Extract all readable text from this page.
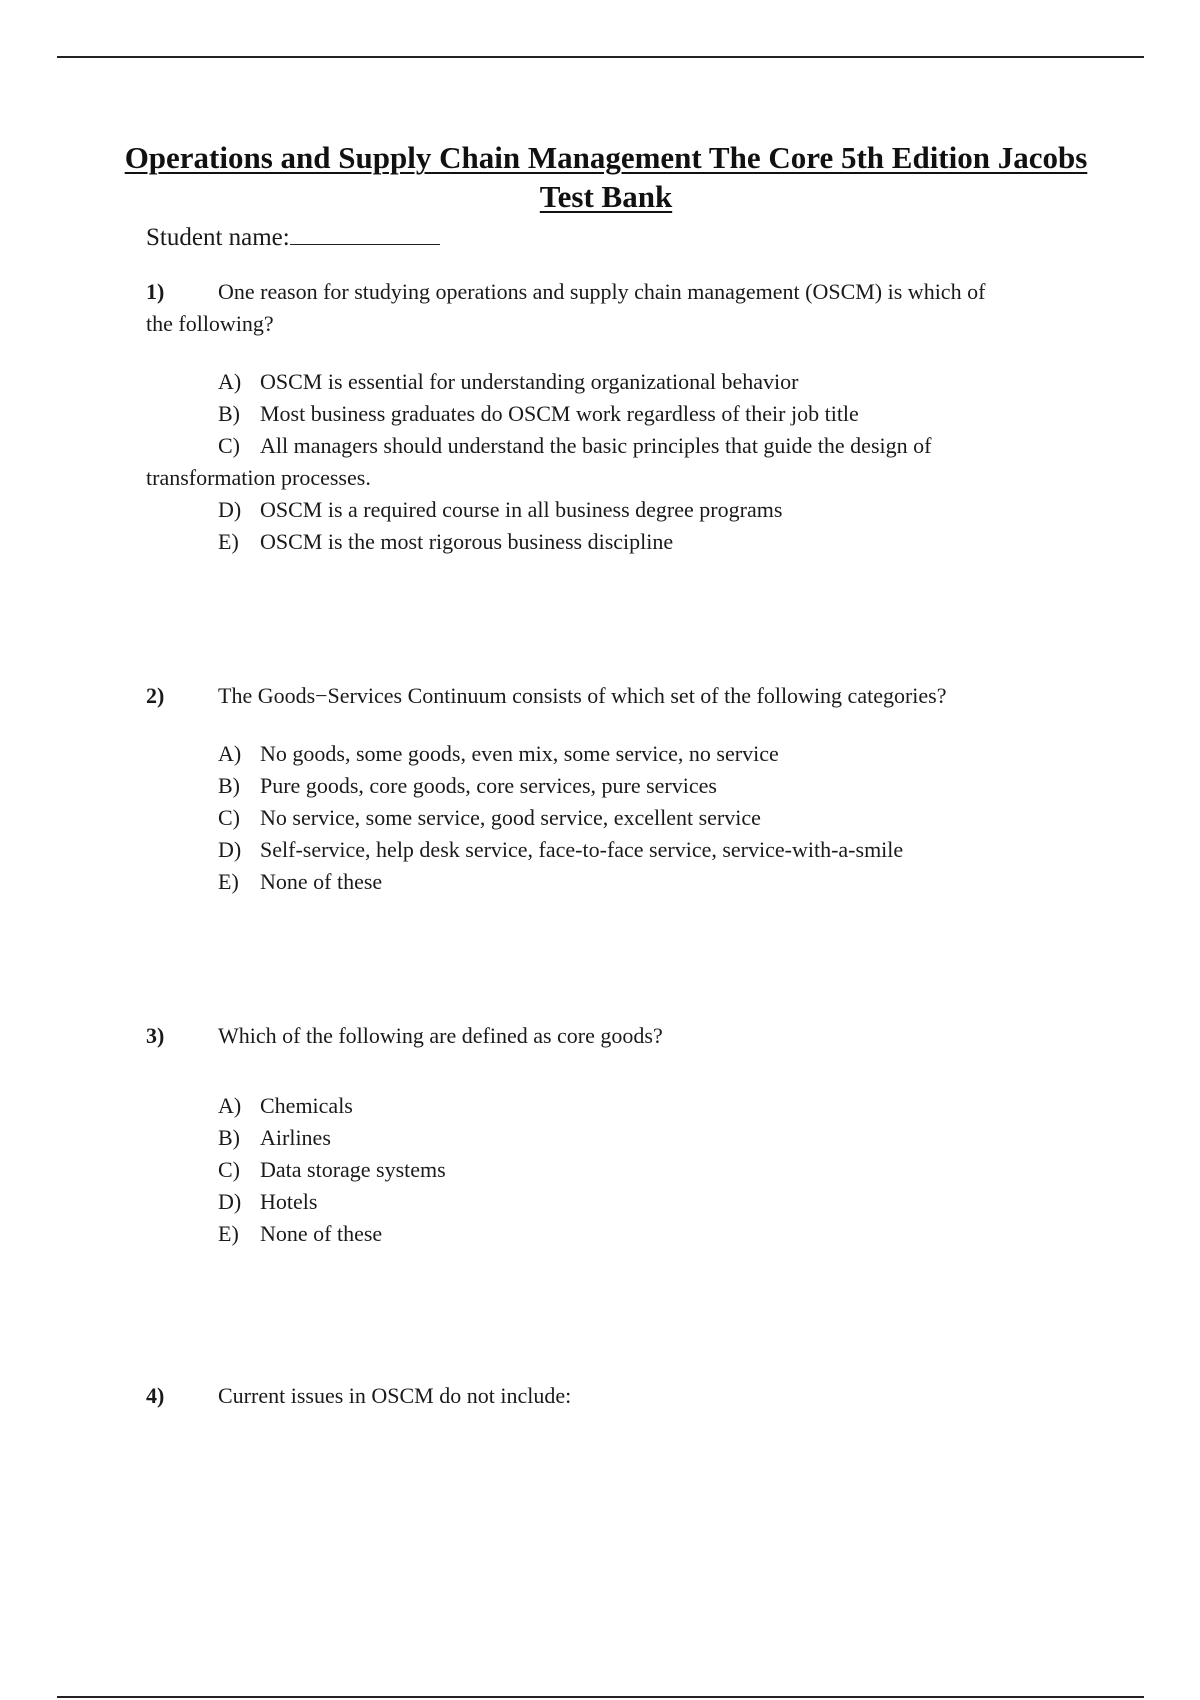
Operations and Supply Chain Management The Core 5th Edition Jacobs
Test Bank
Student name:
1) One reason for studying operations and supply chain management (OSCM) is which of
the following?
A) OSCM is essential for understanding organizational behavior
B) Most business graduates do OSCM work regardless of their job title
C) All managers should understand the basic principles that guide the design of
transformation processes.
D) OSCM is a required course in all business degree programs
E) OSCM is the most rigorous business discipline
2) The Goods−Services Continuum consists of which set of the following categories?
A) No goods, some goods, even mix, some service, no service
B) Pure goods, core goods, core services, pure services
C) No service, some service, good service, excellent service
D) Self-service, help desk service, face-to-face service, service-with-a-smile
E) None of these
3) Which of the following are defined as core goods?
A) Chemicals
B) Airlines
C) Data storage systems
D) Hotels
E) None of these
4) Current issues in OSCM do not include:
